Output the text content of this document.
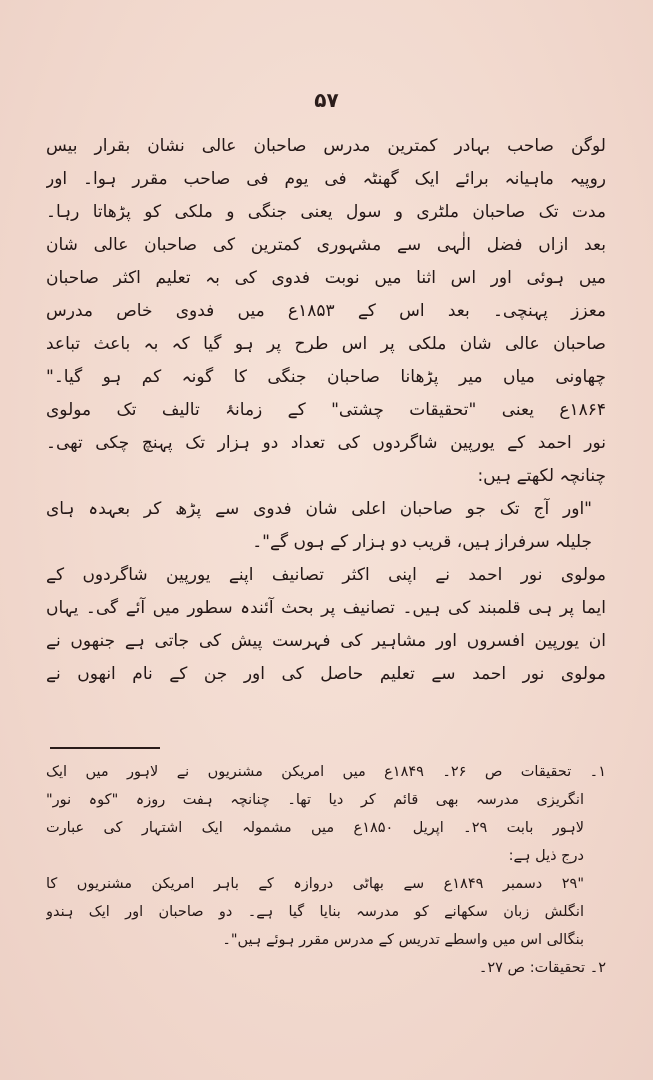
۵۷
لوگن صاحب بہادر کمترین مدرس صاحبان عالی نشان بقرار بیس
روپیہ ماہیانہ برائے ایک گھنٹہ فی یوم فی صاحب مقرر ہوا۔ اور
مدت تک صاحبان ملٹری و سول یعنی جنگی و ملکی کو پڑھاتا رہا۔
بعد ازاں فضل الٰہی سے مشہوری کمترین کی صاحبان عالی شان
میں ہوئی اور اس اثنا میں نوبت فدوی کی بہ تعلیم اکثر صاحبان
معزز پہنچی۔ بعد اس کے ۱۸۵۳ع میں فدوی خاص مدرس
صاحبان عالی شان ملکی پر اس طرح پر ہو گیا کہ بہ باعث تباعد
چھاونی میاں میر پڑھانا صاحبان جنگی کا گونہ کم ہو گیا۔"
۱۸۶۴ع یعنی "تحقیقات چشتی" کے زمانۂ تالیف تک مولوی
نور احمد کے یورپین شاگردوں کی تعداد دو ہزار تک پہنچ چکی تھی۔
چنانچہ لکھتے ہیں:
"اور آج تک جو صاحبان اعلی شان فدوی سے پڑھ کر بعہدہ ہای
جلیلہ سرفراز ہیں، قریب دو ہزار کے ہوں گے"۔
مولوی نور احمد نے اپنی اکثر تصانیف اپنے یورپین شاگردوں کے
ایما پر ہی قلمبند کی ہیں۔ تصانیف پر بحث آئندہ سطور میں آئے گی۔ یہاں
ان یورپین افسروں اور مشاہیر کی فہرست پیش کی جاتی ہے جنھوں نے
مولوی نور احمد سے تعلیم حاصل کی اور جن کے نام انھوں نے
۱۔ تحقیقات ص ۲۶۔ ۱۸۴۹ع میں امریکن مشنریوں نے لاہور میں ایک
انگریزی مدرسہ بھی قائم کر دیا تھا۔ چنانچہ ہفت روزہ "کوہ نور"
لاہور بابت ۲۹۔ اپریل ۱۸۵۰ع میں مشمولہ ایک اشتہار کی عبارت
درج ذیل ہے:
"۲۹ دسمبر ۱۸۴۹ع سے بھاٹی دروازہ کے باہر امریکن مشنریوں کا
انگلش زبان سکھانے کو مدرسہ بنایا گیا ہے۔ دو صاحبان اور ایک ہندو
بنگالی اس میں واسطے تدریس کے مدرس مقرر ہوئے ہیں"۔
۲۔ تحقیقات: ص ۲۷۔
